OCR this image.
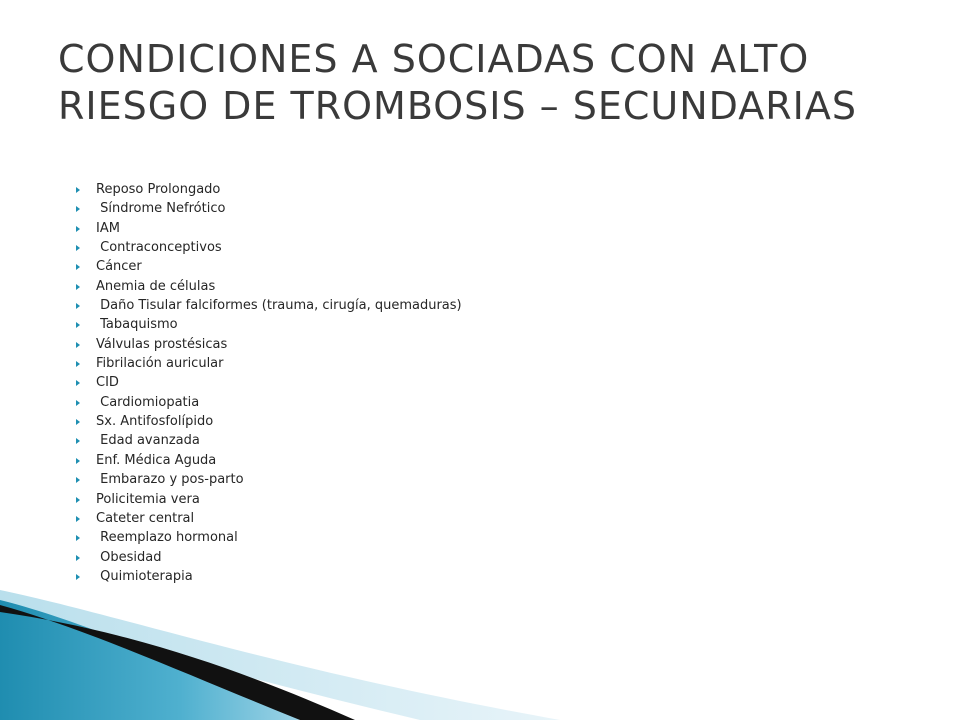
CONDICIONES A SOCIADAS CON ALTO
RIESGO DE TROMBOSIS – SECUNDARIAS
Reposo Prolongado
Síndrome Nefrótico
IAM
Contraconceptivos
Cáncer
Anemia de células
Daño Tisular falciformes (trauma, cirugía, quemaduras)
Tabaquismo
Válvulas prostésicas
Fibrilación auricular
CID
Cardiomiopatia
Sx. Antifosfolípido
Edad avanzada
Enf. Médica Aguda
Embarazo y pos-parto
Policitemia vera
Cateter central
Reemplazo hormonal
Obesidad
Quimioterapia
